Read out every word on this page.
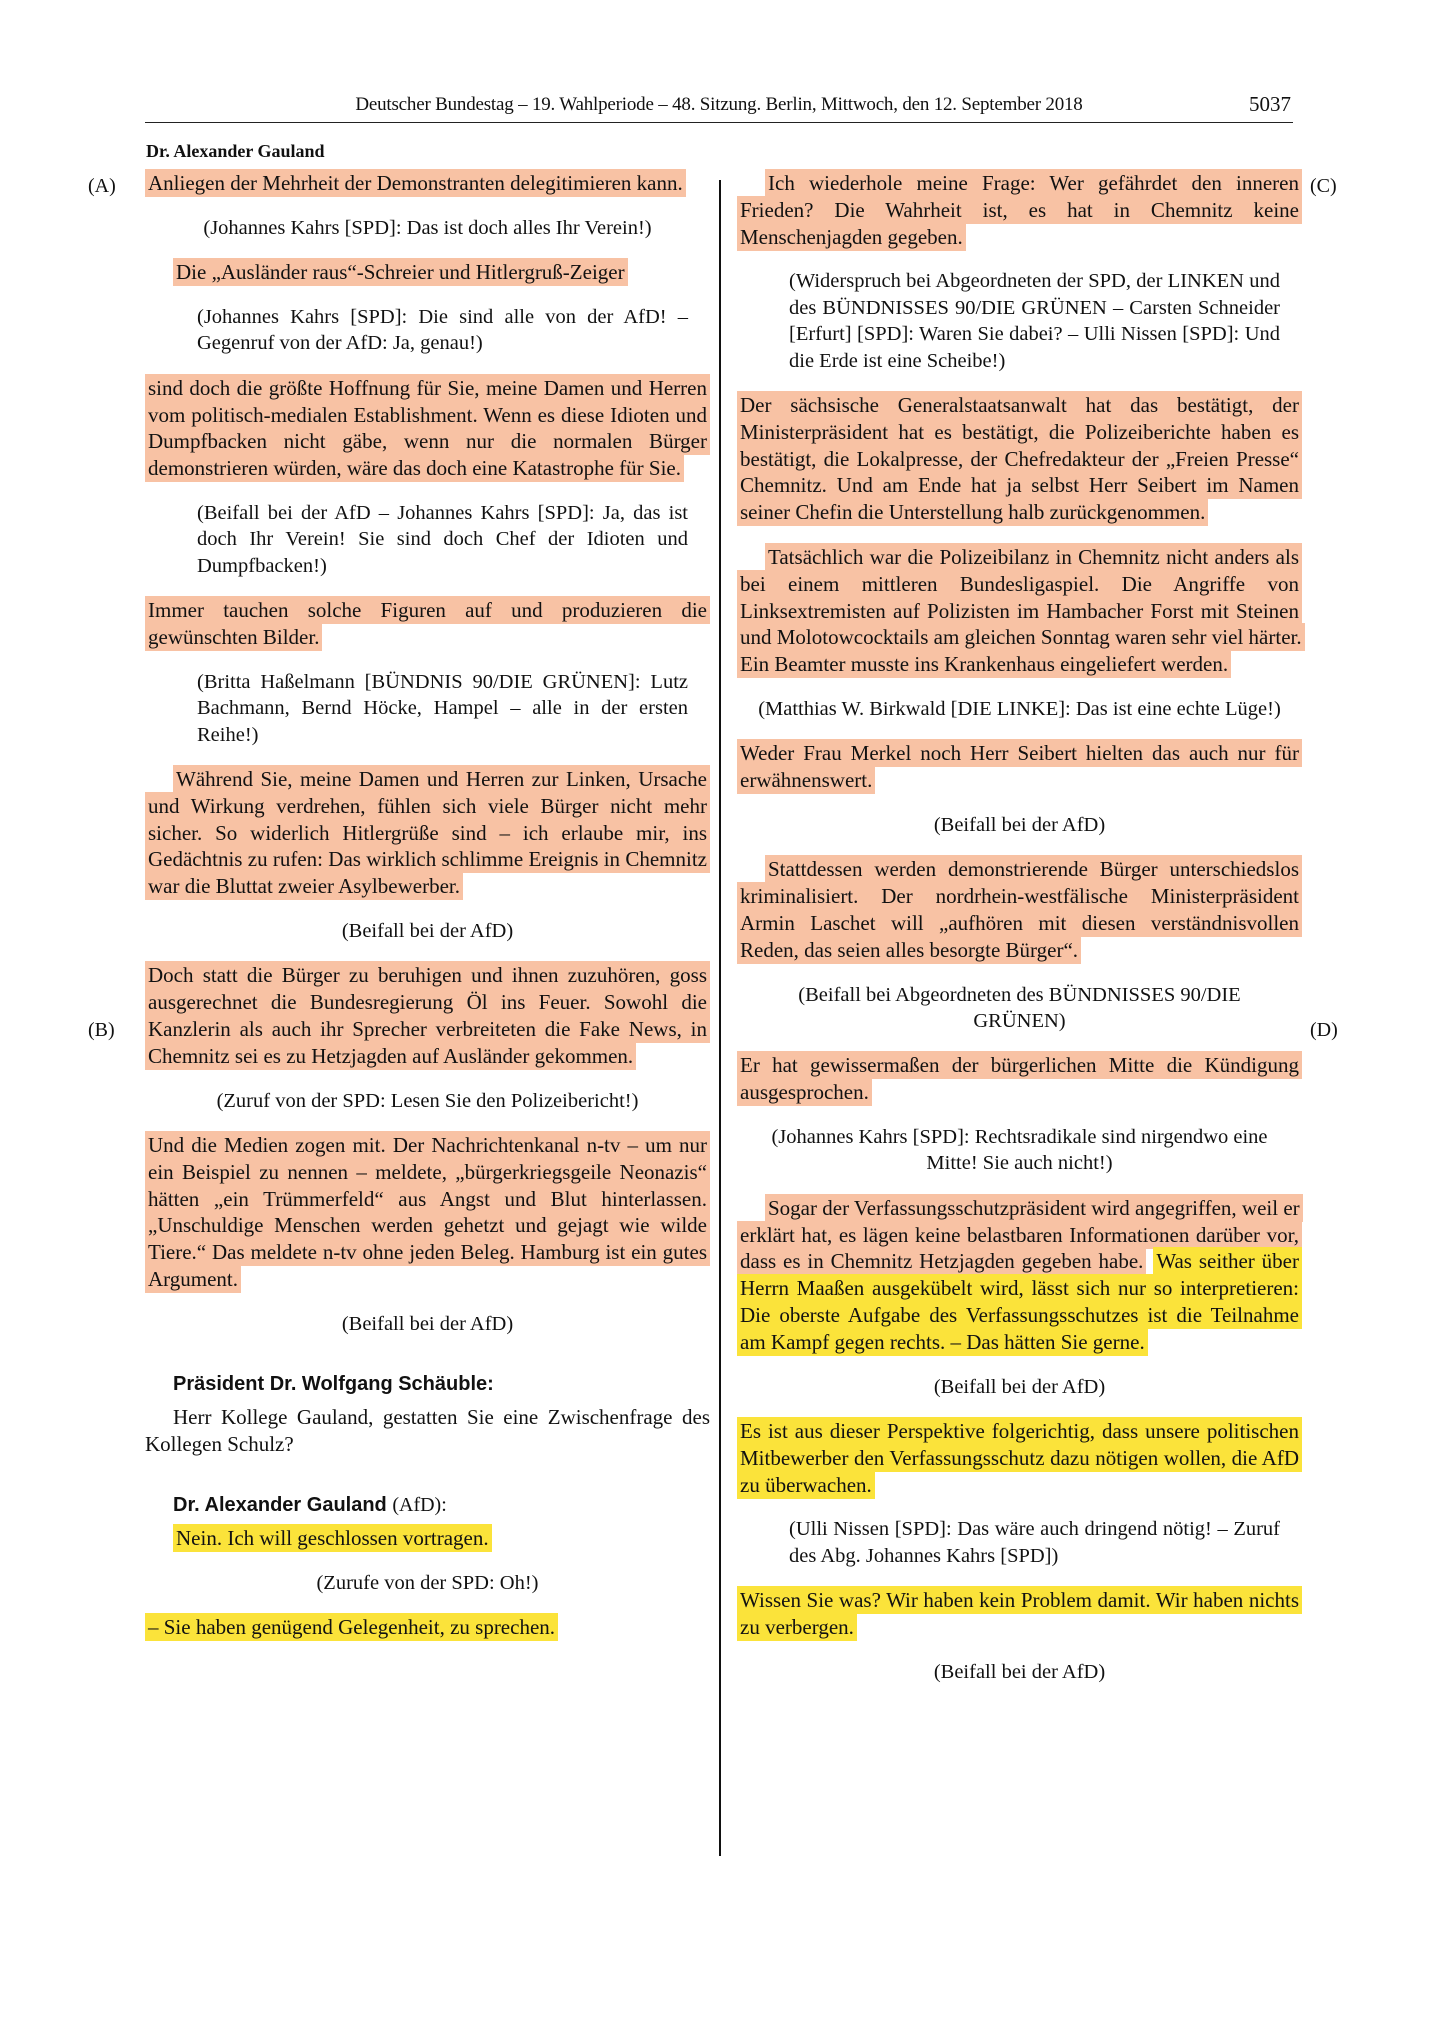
Deutscher Bundestag – 19. Wahlperiode – 48. Sitzung. Berlin, Mittwoch, den 12. September 2018	5037
Dr. Alexander Gauland
(A)
(B)
(C)
(D)

Anliegen der Mehrheit der Demonstranten delegitimieren kann.

(Johannes Kahrs [SPD]: Das ist doch alles Ihr Verein!)

Die „Ausländer raus“-Schreier und Hitlergruß-Zeiger

(Johannes Kahrs [SPD]: Die sind alle von der AfD! – Gegenruf von der AfD: Ja, genau!)

sind doch die größte Hoffnung für Sie, meine Damen und Herren vom politisch-medialen Establishment. Wenn es diese Idioten und Dumpfbacken nicht gäbe, wenn nur die normalen Bürger demonstrieren würden, wäre das doch eine Katastrophe für Sie.

(Beifall bei der AfD – Johannes Kahrs [SPD]: Ja, das ist doch Ihr Verein! Sie sind doch Chef der Idioten und Dumpfbacken!)

Immer tauchen solche Figuren auf und produzieren die gewünschten Bilder.

(Britta Haßelmann [BÜNDNIS 90/DIE GRÜNEN]: Lutz Bachmann, Bernd Höcke, Hampel – alle in der ersten Reihe!)

Während Sie, meine Damen und Herren zur Linken, Ursache und Wirkung verdrehen, fühlen sich viele Bürger nicht mehr sicher. So widerlich Hitlergrüße sind – ich erlaube mir, ins Gedächtnis zu rufen: Das wirklich schlimme Ereignis in Chemnitz war die Bluttat zweier Asylbewerber.

(Beifall bei der AfD)

Doch statt die Bürger zu beruhigen und ihnen zuzuhören, goss ausgerechnet die Bundesregierung Öl ins Feuer. Sowohl die Kanzlerin als auch ihr Sprecher verbreiteten die Fake News, in Chemnitz sei es zu Hetzjagden auf Ausländer gekommen.

(Zuruf von der SPD: Lesen Sie den Polizeibericht!)

Und die Medien zogen mit. Der Nachrichtenkanal n-tv – um nur ein Beispiel zu nennen – meldete, „bürgerkriegsgeile Neonazis“ hätten „ein Trümmerfeld“ aus Angst und Blut hinterlassen. „Unschuldige Menschen werden gehetzt und gejagt wie wilde Tiere.“ Das meldete n-tv ohne jeden Beleg. Hamburg ist ein gutes Argument.

(Beifall bei der AfD)

Präsident Dr. Wolfgang Schäuble:

Herr Kollege Gauland, gestatten Sie eine Zwischenfrage des Kollegen Schulz?

Dr. Alexander Gauland (AfD):

Nein. Ich will geschlossen vortragen.

(Zurufe von der SPD: Oh!)

– Sie haben genügend Gelegenheit, zu sprechen.

Ich wiederhole meine Frage: Wer gefährdet den inneren Frieden? Die Wahrheit ist, es hat in Chemnitz keine Menschenjagden gegeben.

(Widerspruch bei Abgeordneten der SPD, der LINKEN und des BÜNDNISSES 90/DIE GRÜNEN – Carsten Schneider [Erfurt] [SPD]: Waren Sie dabei? – Ulli Nissen [SPD]: Und die Erde ist eine Scheibe!)

Der sächsische Generalstaatsanwalt hat das bestätigt, der Ministerpräsident hat es bestätigt, die Polizeiberichte haben es bestätigt, die Lokalpresse, der Chefredakteur der „Freien Presse“ Chemnitz. Und am Ende hat ja selbst Herr Seibert im Namen seiner Chefin die Unterstellung halb zurückgenommen.

Tatsächlich war die Polizeibilanz in Chemnitz nicht anders als bei einem mittleren Bundesligaspiel. Die Angriffe von Linksextremisten auf Polizisten im Hambacher Forst mit Steinen und Molotowcocktails am gleichen Sonntag waren sehr viel härter. Ein Beamter musste ins Krankenhaus eingeliefert werden.

(Matthias W. Birkwald [DIE LINKE]: Das ist eine echte Lüge!)

Weder Frau Merkel noch Herr Seibert hielten das auch nur für erwähnenswert.

(Beifall bei der AfD)

Stattdessen werden demonstrierende Bürger unterschiedslos kriminalisiert. Der nordrhein-westfälische Ministerpräsident Armin Laschet will „aufhören mit diesen verständnisvollen Reden, das seien alles besorgte Bürger“.

(Beifall bei Abgeordneten des BÜNDNISSES 90/DIE GRÜNEN)

Er hat gewissermaßen der bürgerlichen Mitte die Kündigung ausgesprochen.

(Johannes Kahrs [SPD]: Rechtsradikale sind nirgendwo eine Mitte! Sie auch nicht!)

Sogar der Verfassungsschutzpräsident wird angegriffen, weil er erklärt hat, es lägen keine belastbaren Informationen darüber vor, dass es in Chemnitz Hetzjagden gegeben habe. Was seither über Herrn Maaßen ausgekübelt wird, lässt sich nur so interpretieren: Die oberste Aufgabe des Verfassungsschutzes ist die Teilnahme am Kampf gegen rechts. – Das hätten Sie gerne.

(Beifall bei der AfD)

Es ist aus dieser Perspektive folgerichtig, dass unsere politischen Mitbewerber den Verfassungsschutz dazu nötigen wollen, die AfD zu überwachen.

(Ulli Nissen [SPD]: Das wäre auch dringend nötig! – Zuruf des Abg. Johannes Kahrs [SPD])

Wissen Sie was? Wir haben kein Problem damit. Wir haben nichts zu verbergen.

(Beifall bei der AfD)
